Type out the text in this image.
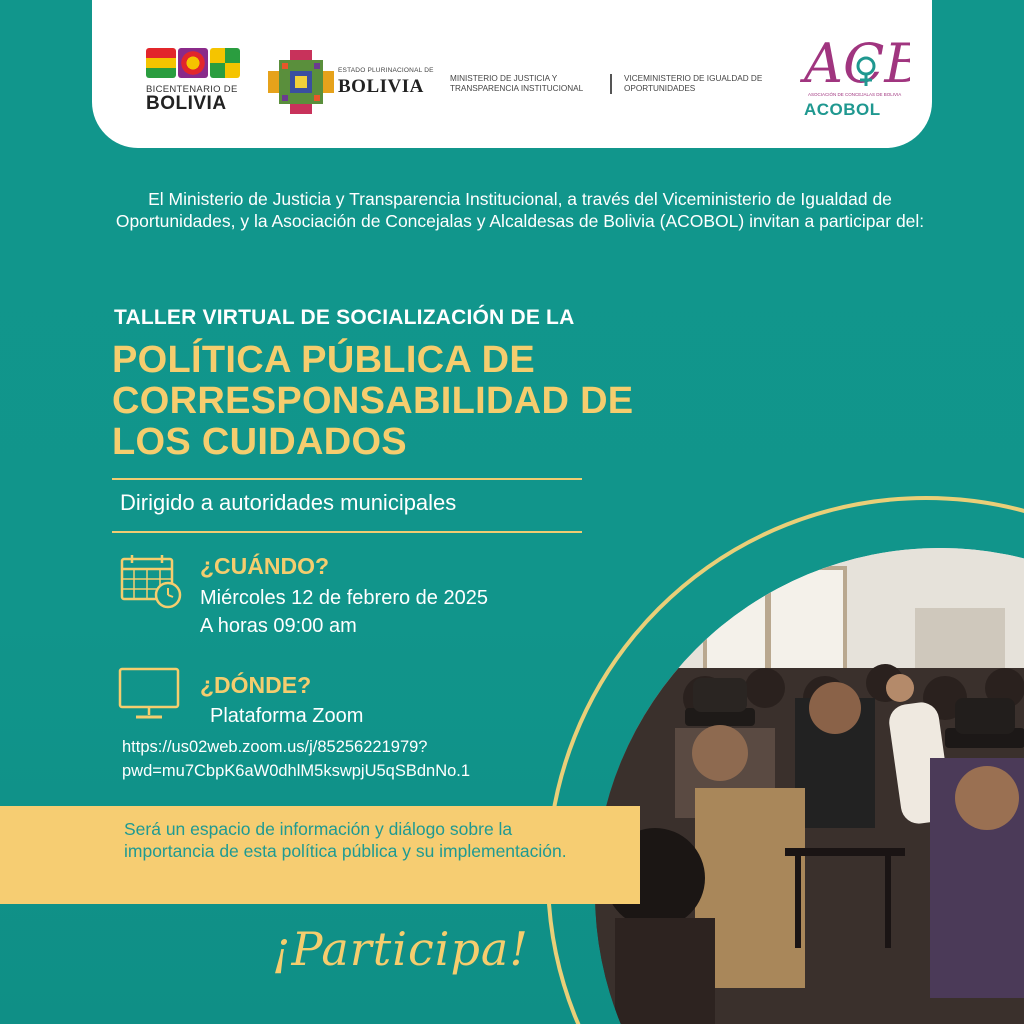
BICENTENARIO DE
BOLIVIA
ESTADO PLURINACIONAL DE
BOLIVIA	MINISTERIO DE JUSTICIA Y TRANSPARENCIA INSTITUCIONAL
VICEMINISTERIO DE IGUALDAD DE OPORTUNIDADES	AC
ASOCIACIÓN DE CONCEJALAS DE BOLIVIA
ACOBOL
El Ministerio de Justicia y Transparencia Institucional, a través del Viceministerio de Igualdad de Oportunidades, y la Asociación de Concejalas y Alcaldesas de Bolivia (ACOBOL) invitan a participar del:
TALLER VIRTUAL DE SOCIALIZACIÓN DE LA
POLÍTICA PÚBLICA DE CORRESPONSABILIDAD DE LOS CUIDADOS
Dirigido a autoridades municipales
¿CUÁNDO?
Miércoles 12 de febrero de 2025
A horas 09:00 am
¿DÓNDE?
Plataforma Zoom
https://us02web.zoom.us/j/85256221979?
pwd=mu7CbpK6aW0dhlM5kswpjU5qSBdnNo.1
Será un espacio de información y diálogo sobre la importancia de esta política pública y su implementación.
¡Participa!
